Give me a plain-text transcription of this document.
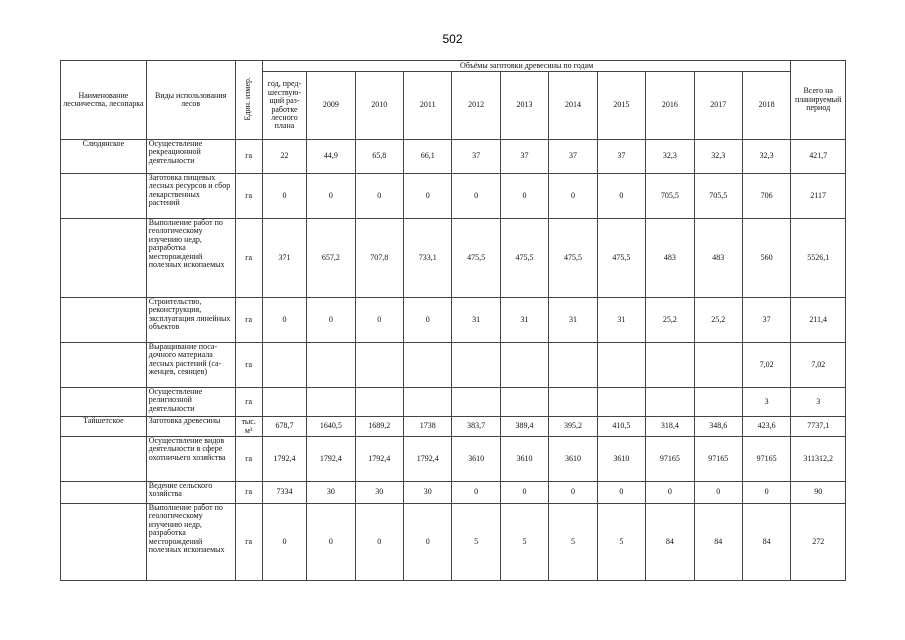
502
Наименование лесничества, лесопарка	Виды использования лесов	Един. измер.	Объёмы заготовки древесины по годам											Всего на планируемый период
			год, пред-шествую-щий раз-работке лесного плана	2009	2010	2011	2012	2013	2014	2015	2016	2017	2018	
Слюдянское	Осуществление рекреационной деятельности	га	22	44,9	65,8	66,1	37	37	37	37	32,3	32,3	32,3	421,7
	Заготовка пищевых лесных ресурсов и сбор лекарственных растений	га	0	0	0	0	0	0	0	0	705,5	705,5	706	2117
	Выполнение работ по геологическому изучению недр, разработка месторождений полезных ископаемых	га	371	657,2	707,8	733,1	475,5	475,5	475,5	475,5	483	483	560	5526,1
	Строительство, реконструкция, эксплуатация линейных объектов	га	0	0	0	0	31	31	31	31	25,2	25,2	37	211,4
	Выращивание поса-дочного материала лесных растений (са-женцев, сеянцев)	га											7,02	7,02
	Осуществление религиозной деятельности	га											3	3
Тайшетское	Заготовка древесины	тыс. м³	678,7	1640,5	1689,2	1738	383,7	389,4	395,2	410,5	318,4	348,6	423,6	7737,1
	Осуществление видов деятельности в сфере охотничьего хозяйства	га	1792,4	1792,4	1792,4	1792,4	3610	3610	3610	3610	97165	97165	97165	311312,2
	Ведение сельского хозяйства	га	7334	30	30	30	0	0	0	0	0	0	0	90
	Выполнение работ по геологическому изучению недр, разработка месторождений полезных ископаемых	га	0	0	0	0	5	5	5	5	84	84	84	272
